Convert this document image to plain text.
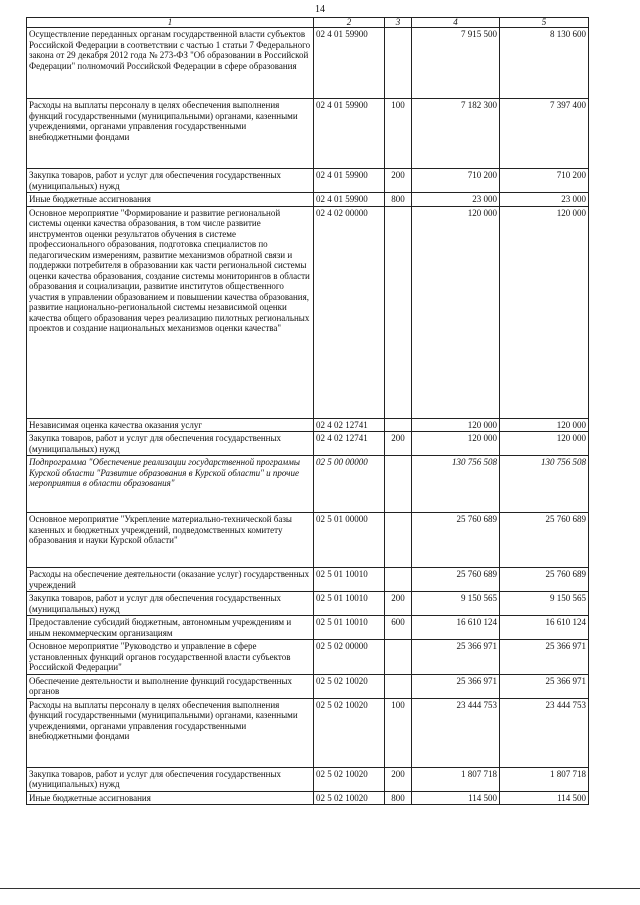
14
1	2	3	4	5
Осуществление переданных органам государственной власти субъектов Российской Федерации в соответствии с частью 1 статьи 7 Федерального закона от 29 декабря 2012 года № 273-ФЗ "Об образовании в Российской Федерации" полномочий Российской Федерации в сфере образования	02 4 01 59900		7 915 500	8 130 600
Расходы на выплаты персоналу в целях обеспечения выполнения функций государственными (муниципальными) органами, казенными учреждениями, органами управления государственными внебюджетными фондами	02 4 01 59900	100	7 182 300	7 397 400
Закупка товаров, работ и услуг для обеспечения государственных (муниципальных) нужд	02 4 01 59900	200	710 200	710 200
Иные бюджетные ассигнования	02 4 01 59900	800	23 000	23 000
Основное мероприятие "Формирование и развитие региональной системы оценки качества образования, в том числе развитие инструментов оценки результатов обучения в системе профессионального образования, подготовка специалистов по педагогическим измерениям, развитие механизмов обратной связи и поддержки потребителя в образовании как части региональной системы оценки качества образования, создание системы мониторингов в области образования и социализации, развитие институтов общественного участия в управлении образованием и повышении качества образования, развитие национально-региональной системы независимой оценки качества общего образования через реализацию пилотных региональных проектов и создание национальных механизмов оценки качества"	02 4 02 00000		120 000	120 000
Независимая оценка качества оказания услуг	02 4 02 12741		120 000	120 000
Закупка товаров, работ и услуг для обеспечения государственных (муниципальных) нужд	02 4 02 12741	200	120 000	120 000
Подпрограмма "Обеспечение реализации государственной программы Курской области "Развитие образования в Курской области" и прочие мероприятия в области образования"	02 5 00 00000		130 756 508	130 756 508
Основное мероприятие "Укрепление материально-технической базы казенных и бюджетных учреждений, подведомственных комитету образования и науки Курской области"	02 5 01 00000		25 760 689	25 760 689
Расходы на обеспечение деятельности (оказание услуг) государственных учреждений	02 5 01 10010		25 760 689	25 760 689
Закупка товаров, работ и услуг для обеспечения государственных (муниципальных) нужд	02 5 01 10010	200	9 150 565	9 150 565
Предоставление субсидий бюджетным, автономным учреждениям и иным некоммерческим организациям	02 5 01 10010	600	16 610 124	16 610 124
Основное мероприятие "Руководство и управление в сфере установленных функций органов государственной власти субъектов Российской Федерации"	02 5 02 00000		25 366 971	25 366 971
Обеспечение деятельности и выполнение функций государственных органов	02 5 02 10020		25 366 971	25 366 971
Расходы на выплаты персоналу в целях обеспечения выполнения функций государственными (муниципальными) органами, казенными учреждениями, органами управления государственными внебюджетными фондами	02 5 02 10020	100	23 444 753	23 444 753
Закупка товаров, работ и услуг для обеспечения государственных (муниципальных) нужд	02 5 02 10020	200	1 807 718	1 807 718
Иные бюджетные ассигнования	02 5 02 10020	800	114 500	114 500
